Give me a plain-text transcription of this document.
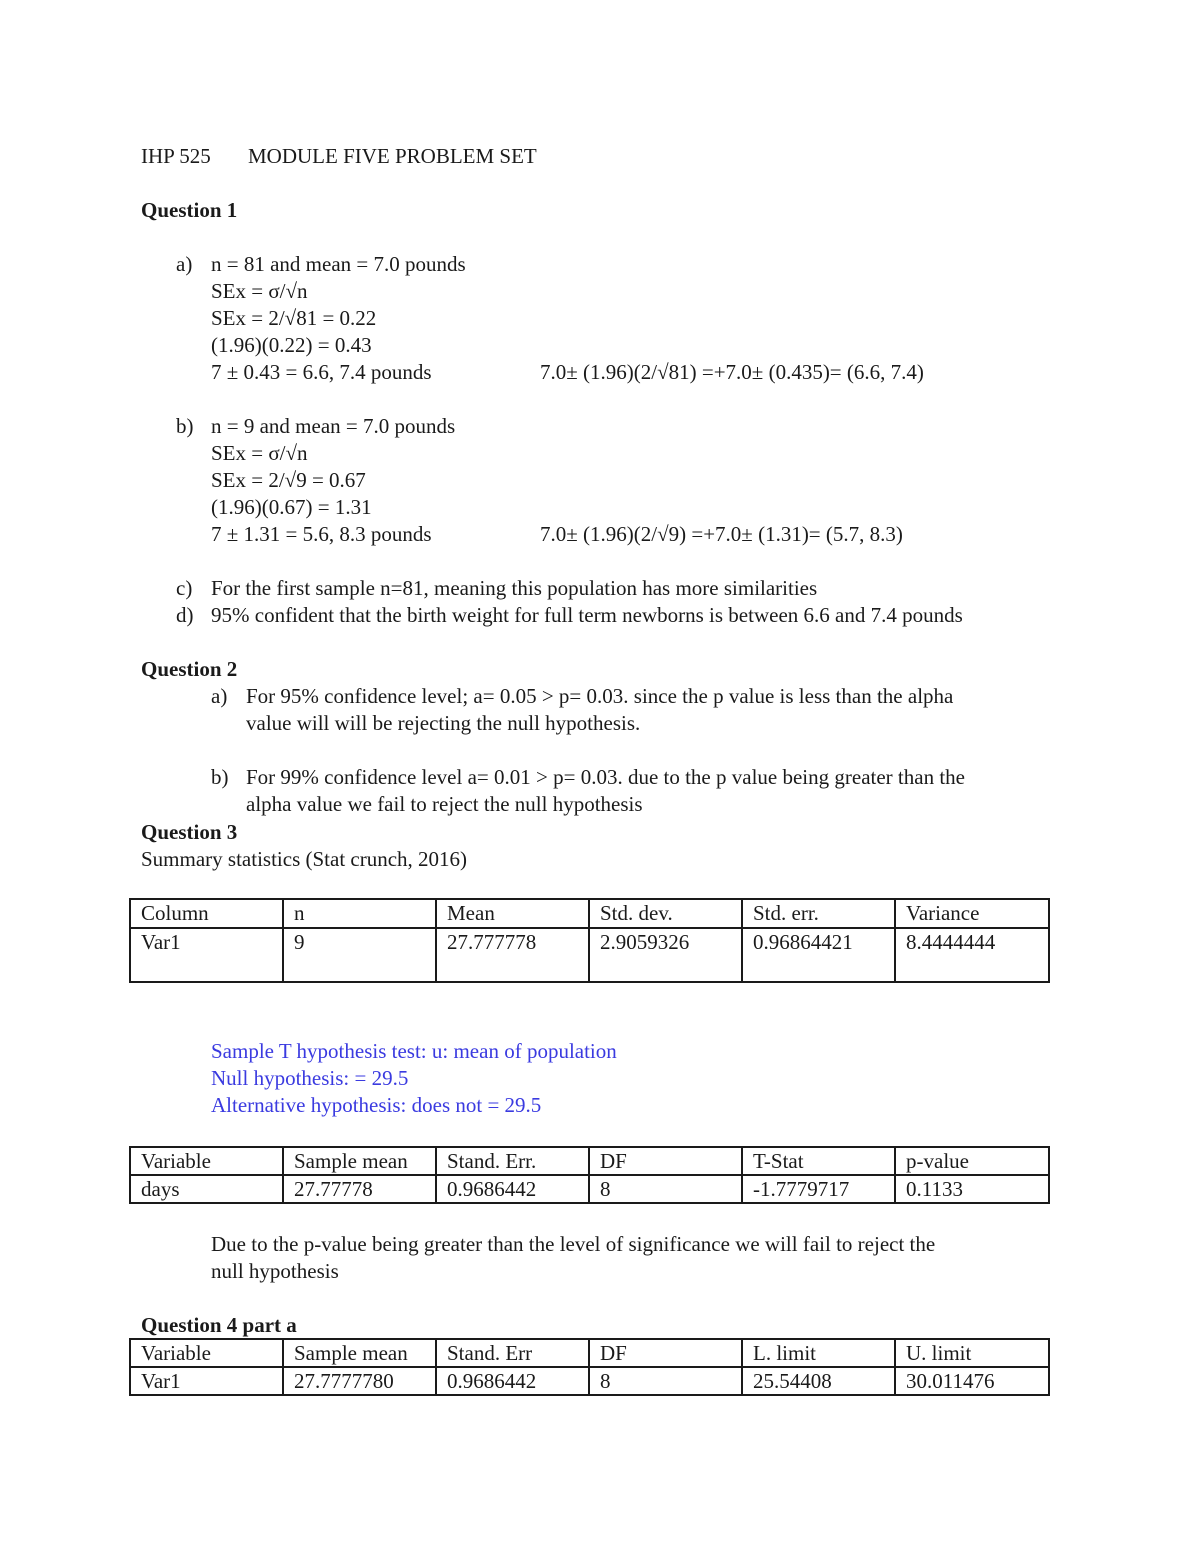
IHP 525 MODULE FIVE PROBLEM SET
Question 1
a) n = 81 and mean = 7.0 pounds
SEx = σ/√n
SEx = 2/√81 = 0.22
(1.96)(0.22) = 0.43
7 ± 0.43 = 6.6, 7.4 pounds	7.0± (1.96)(2/√81) =+7.0± (0.435)= (6.6, 7.4)
b) n = 9 and mean = 7.0 pounds
SEx = σ/√n
SEx = 2/√9 = 0.67
(1.96)(0.67) = 1.31
7 ± 1.31 = 5.6, 8.3 pounds	7.0± (1.96)(2/√9) =+7.0± (1.31)= (5.7, 8.3)
c) For the first sample n=81, meaning this population has more similarities
d) 95% confident that the birth weight for full term newborns is between 6.6 and 7.4 pounds
Question 2
a) For 95% confidence level; a= 0.05 > p= 0.03. since the p value is less than the alpha
value will will be rejecting the null hypothesis.
b) For 99% confidence level a= 0.01 > p= 0.03. due to the p value being greater than the
alpha value we fail to reject the null hypothesis
Question 3
Summary statistics (Stat crunch, 2016)
Column	n	Mean	Std. dev.	Std. err.	Variance
Var1	9	27.777778	2.9059326	0.96864421	8.4444444
Sample T hypothesis test: u: mean of population
Null hypothesis: = 29.5
Alternative hypothesis: does not = 29.5
Variable	Sample mean	Stand. Err.	DF	T-Stat	p-value
days	27.77778	0.9686442	8	-1.7779717	0.1133
Due to the p-value being greater than the level of significance we will fail to reject the
null hypothesis
Question 4 part a
Variable	Sample mean	Stand. Err	DF	L. limit	U. limit
Var1	27.7777780	0.9686442	8	25.54408	30.011476
